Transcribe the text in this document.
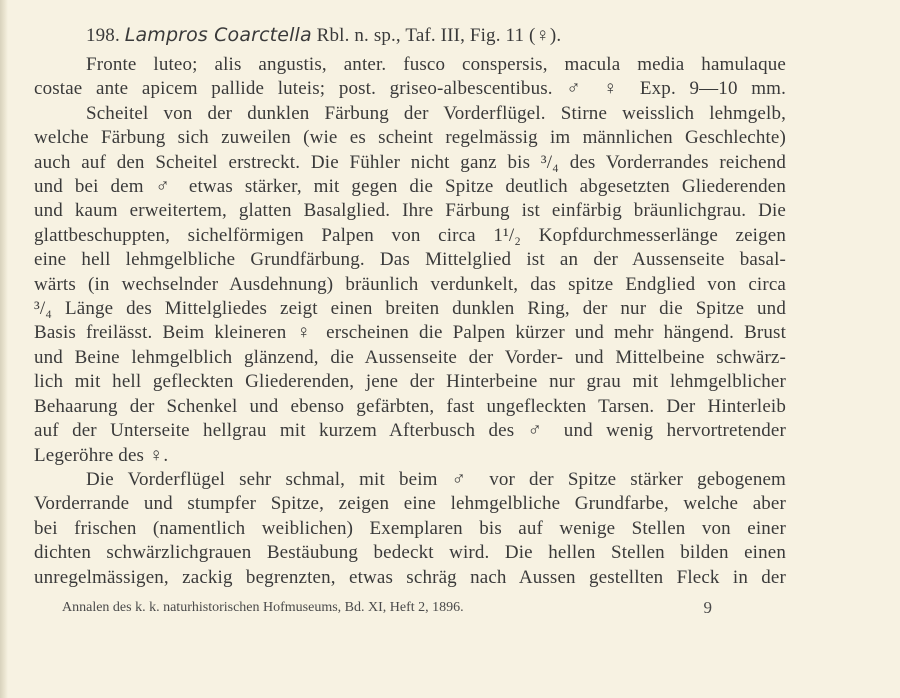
198. Lampros Coarctella Rbl. n. sp., Taf. III, Fig. 11 (♀).
Fronte luteo; alis angustis, anter. fusco conspersis, macula media hamulaque
costae ante apicem pallide luteis; post. griseo-albescentibus. ♂ ♀ Exp. 9—10 mm.
Scheitel von der dunklen Färbung der Vorderflügel. Stirne weisslich lehmgelb,
welche Färbung sich zuweilen (wie es scheint regelmässig im männlichen Geschlechte)
auch auf den Scheitel erstreckt. Die Fühler nicht ganz bis ³/₄ des Vorderrandes reichend
und bei dem ♂ etwas stärker, mit gegen die Spitze deutlich abgesetzten Gliederenden
und kaum erweitertem, glatten Basalglied. Ihre Färbung ist einfärbig bräunlichgrau. Die
glattbeschuppten, sichelförmigen Palpen von circa 1¹/₂ Kopfdurchmesserlänge zeigen
eine hell lehmgelbliche Grundfärbung. Das Mittelglied ist an der Aussenseite basal-
wärts (in wechselnder Ausdehnung) bräunlich verdunkelt, das spitze Endglied von circa
³/₄ Länge des Mittelgliedes zeigt einen breiten dunklen Ring, der nur die Spitze und
Basis freilässt. Beim kleineren ♀ erscheinen die Palpen kürzer und mehr hängend. Brust
und Beine lehmgelblich glänzend, die Aussenseite der Vorder- und Mittelbeine schwärz-
lich mit hell gefleckten Gliederenden, jene der Hinterbeine nur grau mit lehmgelblicher
Behaarung der Schenkel und ebenso gefärbten, fast ungefleckten Tarsen. Der Hinterleib
auf der Unterseite hellgrau mit kurzem Afterbusch des ♂ und wenig hervortretender
Legeröhre des ♀.
Die Vorderflügel sehr schmal, mit beim ♂ vor der Spitze stärker gebogenem
Vorderrande und stumpfer Spitze, zeigen eine lehmgelbliche Grundfarbe, welche aber
bei frischen (namentlich weiblichen) Exemplaren bis auf wenige Stellen von einer
dichten schwärzlichgrauen Bestäubung bedeckt wird. Die hellen Stellen bilden einen
unregelmässigen, zackig begrenzten, etwas schräg nach Aussen gestellten Fleck in der
Annalen des k. k. naturhistorischen Hofmuseums, Bd. XI, Heft 2, 1896.	9
